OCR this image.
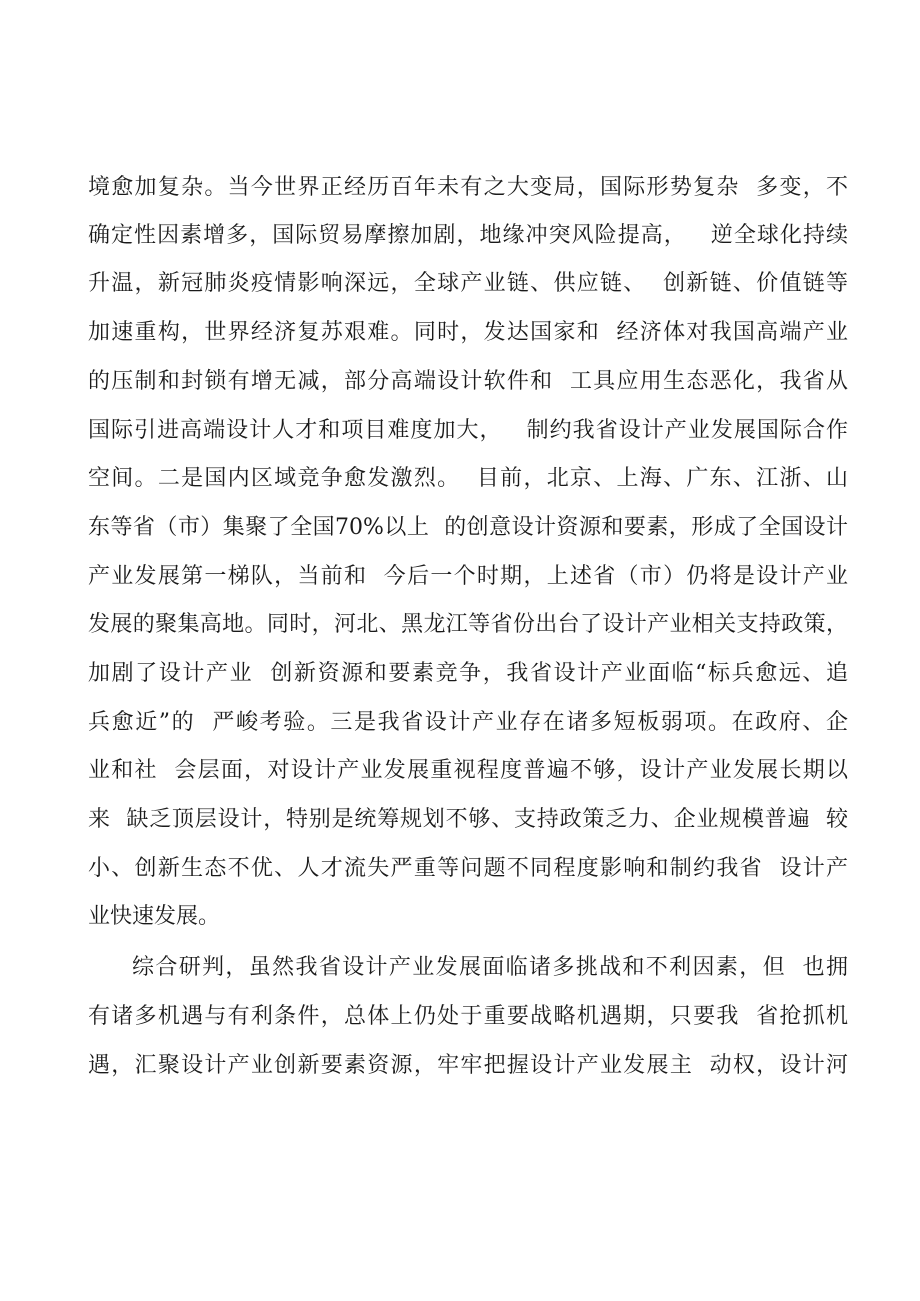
境愈加复杂。当今世界正经历百年未有之大变局，国际形势复杂  多变，不
确定性因素增多，国际贸易摩擦加剧，地缘冲突风险提高，   逆全球化持续
升温，新冠肺炎疫情影响深远，全球产业链、供应链、  创新链、价值链等
加速重构，世界经济复苏艰难。同时，发达国家和  经济体对我国高端产业
的压制和封锁有增无减，部分高端设计软件和  工具应用生态恶化，我省从
国际引进高端设计人才和项目难度加大，   制约我省设计产业发展国际合作
空间。二是国内区域竞争愈发激烈。  目前，北京、上海、广东、江浙、山
东等省（市）集聚了全国70%以上  的创意设计资源和要素，形成了全国设计
产业发展第一梯队，当前和  今后一个时期，上述省（市）仍将是设计产业
发展的聚集高地。同时，河北、黑龙江等省份出台了设计产业相关支持政策，
加剧了设计产业  创新资源和要素竞争，我省设计产业面临“标兵愈远、追
兵愈近”的  严峻考验。三是我省设计产业存在诸多短板弱项。在政府、企
业和社  会层面，对设计产业发展重视程度普遍不够，设计产业发展长期以
来  缺乏顶层设计，特别是统筹规划不够、支持政策乏力、企业规模普遍  较
小、创新生态不优、人才流失严重等问题不同程度影响和制约我省  设计产
业快速发展。
综合研判，虽然我省设计产业发展面临诸多挑战和不利因素，但  也拥
有诸多机遇与有利条件，总体上仍处于重要战略机遇期，只要我  省抢抓机
遇，汇聚设计产业创新要素资源，牢牢把握设计产业发展主  动权，设计河
